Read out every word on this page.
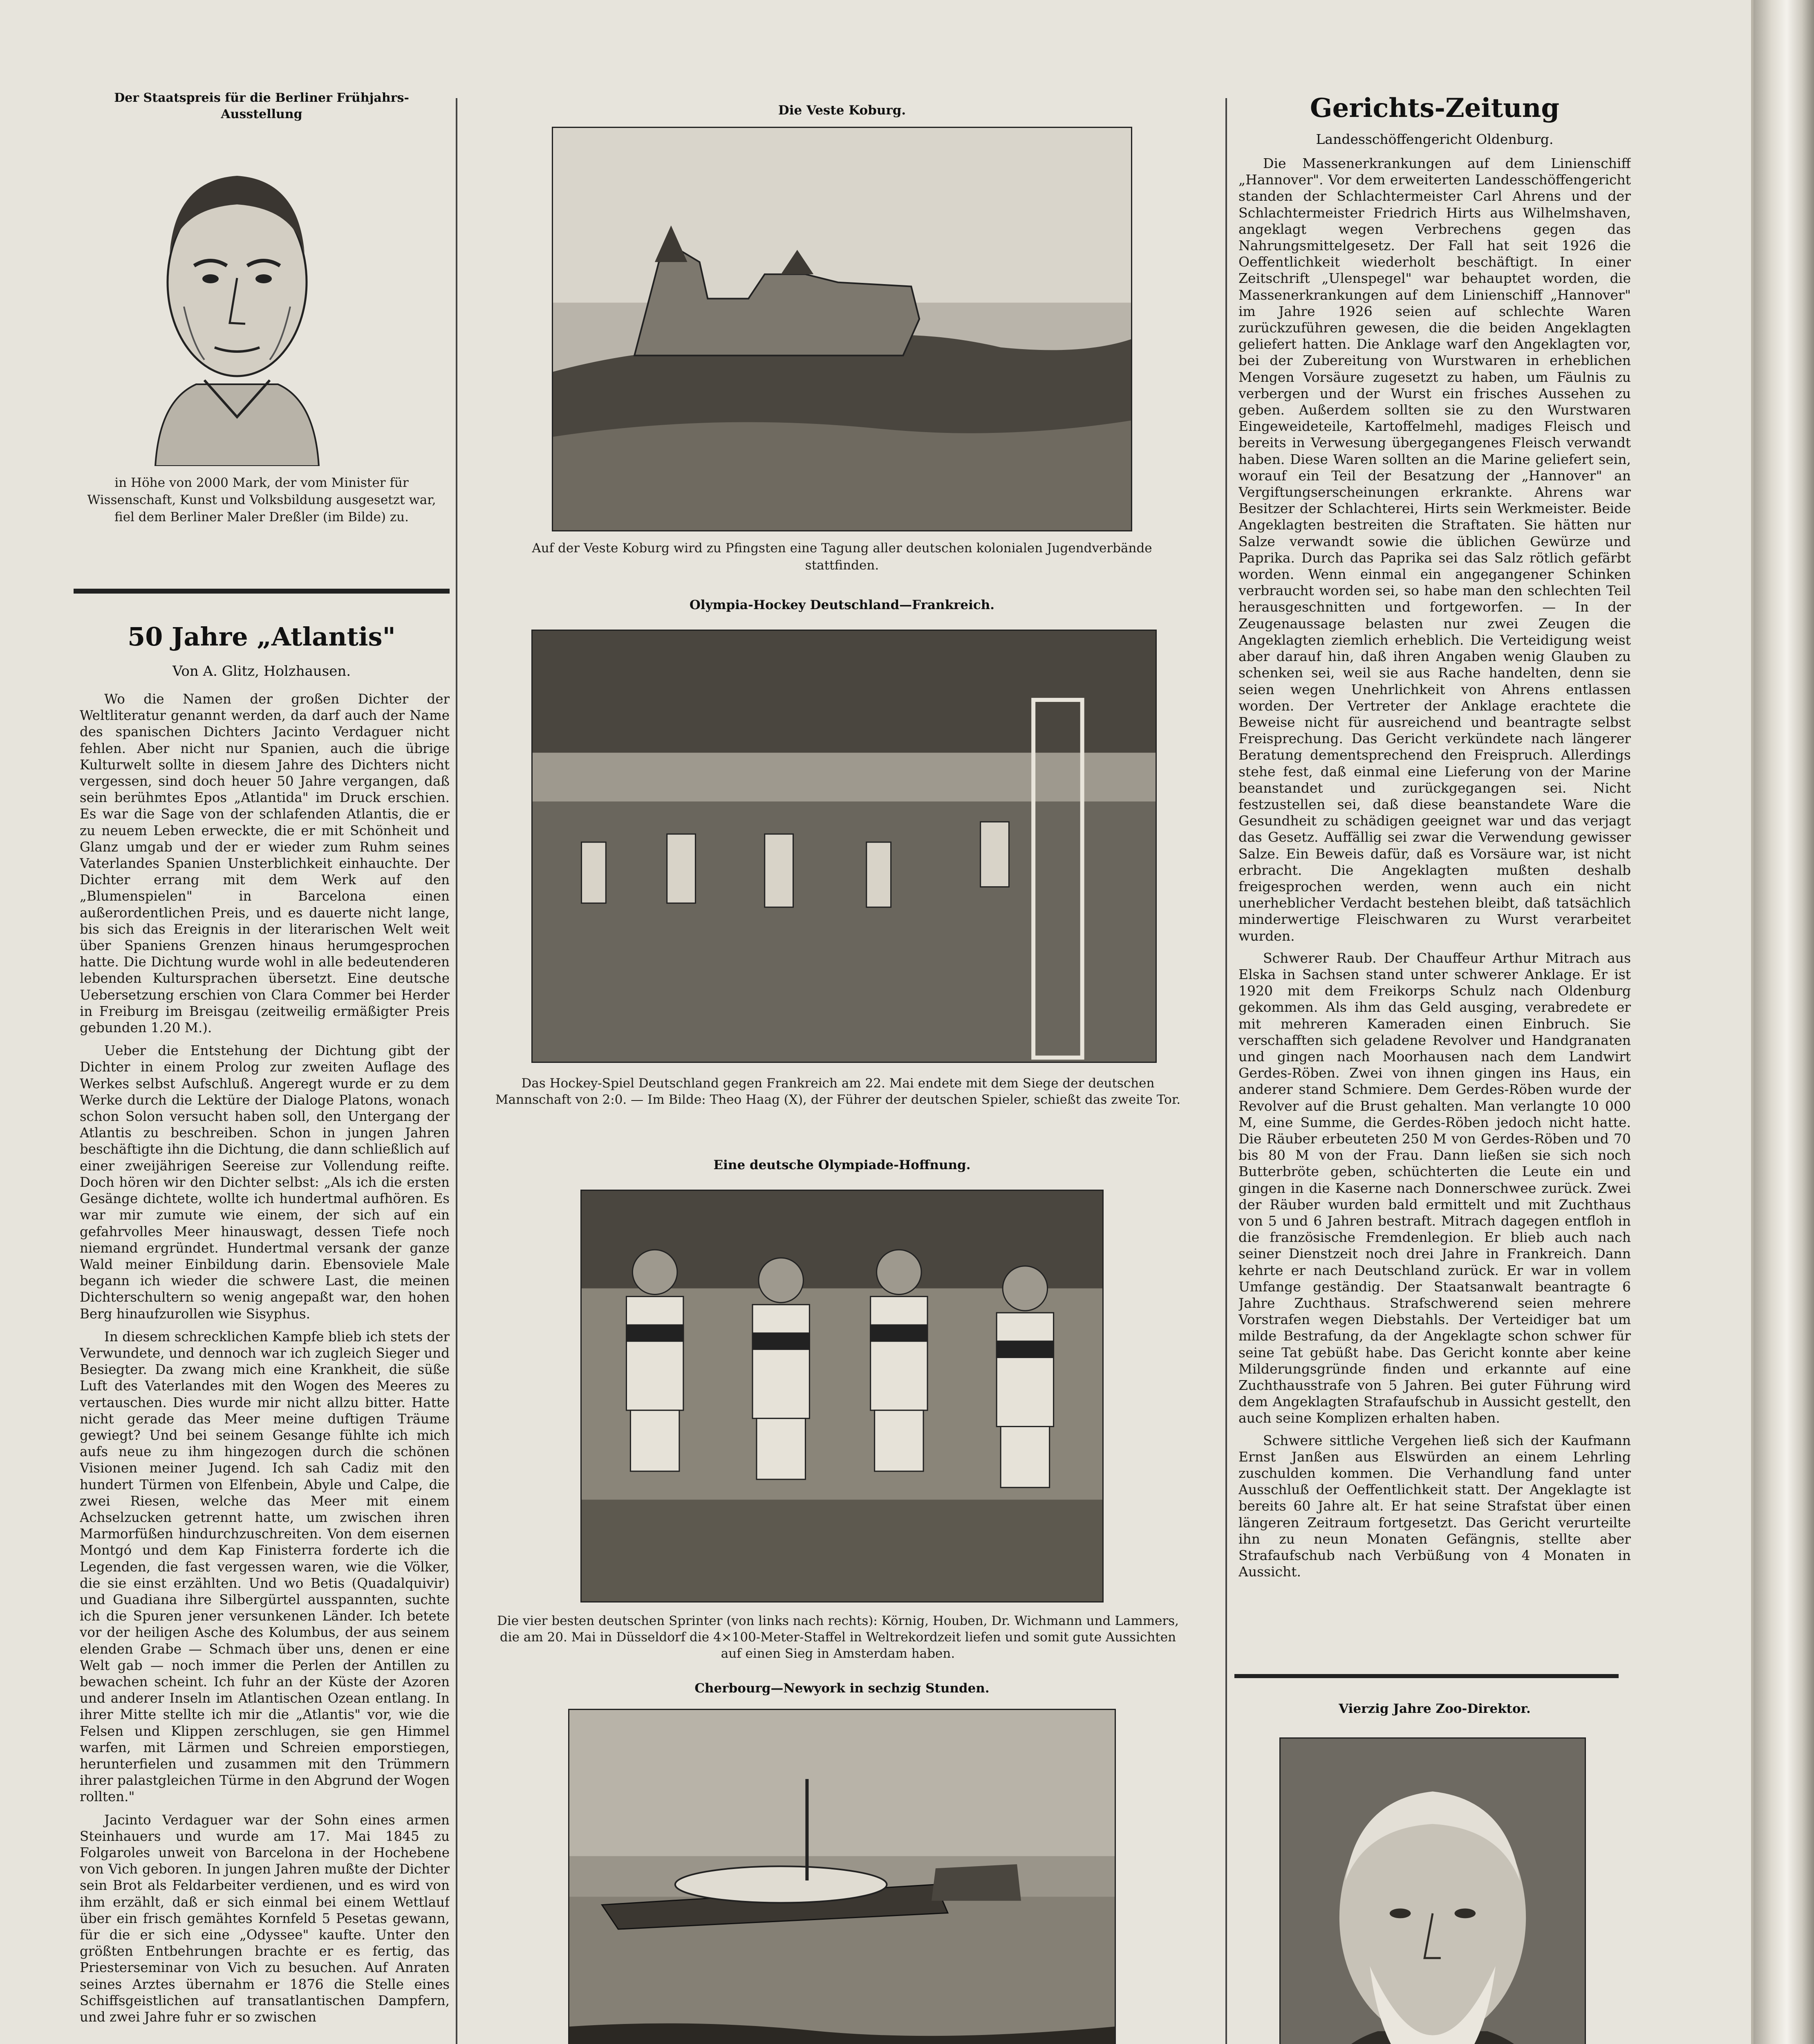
Der Staatspreis für die Berliner Frühjahrs-Ausstellung
in Höhe von 2000 Mark, der vom Minister für Wissenschaft, Kunst und Volksbildung ausgesetzt war, fiel dem Berliner Maler Dreßler (im Bilde) zu.
50 Jahre „Atlantis"
Von A. Glitz, Holzhausen.

Wo die Namen der großen Dichter der Weltliteratur genannt werden, da darf auch der Name des spanischen Dichters Jacinto Verdaguer nicht fehlen. Aber nicht nur Spanien, auch die übrige Kulturwelt sollte in diesem Jahre des Dichters nicht vergessen, sind doch heuer 50 Jahre vergangen, daß sein berühmtes Epos „Atlantida" im Druck erschien. Es war die Sage von der schlafenden Atlantis, die er zu neuem Leben erweckte, die er mit Schönheit und Glanz umgab und der er wieder zum Ruhm seines Vaterlandes Spanien Unsterblichkeit einhauchte. Der Dichter errang mit dem Werk auf den „Blumenspielen" in Barcelona einen außerordentlichen Preis, und es dauerte nicht lange, bis sich das Ereignis in der literarischen Welt weit über Spaniens Grenzen hinaus herumgesprochen hatte. Die Dichtung wurde wohl in alle bedeutenderen lebenden Kultursprachen übersetzt. Eine deutsche Uebersetzung erschien von Clara Commer bei Herder in Freiburg im Breisgau (zeitweilig ermäßigter Preis gebunden 1.20 M.).

Ueber die Entstehung der Dichtung gibt der Dichter in einem Prolog zur zweiten Auflage des Werkes selbst Aufschluß. Angeregt wurde er zu dem Werke durch die Lektüre der Dialoge Platons, wonach schon Solon versucht haben soll, den Untergang der Atlantis zu beschreiben. Schon in jungen Jahren beschäftigte ihn die Dichtung, die dann schließlich auf einer zweijährigen Seereise zur Vollendung reifte. Doch hören wir den Dichter selbst: „Als ich die ersten Gesänge dichtete, wollte ich hundertmal aufhören. Es war mir zumute wie einem, der sich auf ein gefahrvolles Meer hinauswagt, dessen Tiefe noch niemand ergründet. Hundertmal versank der ganze Wald meiner Einbildung darin. Ebensoviele Male begann ich wieder die schwere Last, die meinen Dichterschultern so wenig angepaßt war, den hohen Berg hinaufzurollen wie Sisyphus.

In diesem schrecklichen Kampfe blieb ich stets der Verwundete, und dennoch war ich zugleich Sieger und Besiegter. Da zwang mich eine Krankheit, die süße Luft des Vaterlandes mit den Wogen des Meeres zu vertauschen. Dies wurde mir nicht allzu bitter. Hatte nicht gerade das Meer meine duftigen Träume gewiegt? Und bei seinem Gesange fühlte ich mich aufs neue zu ihm hingezogen durch die schönen Visionen meiner Jugend. Ich sah Cadiz mit den hundert Türmen von Elfenbein, Abyle und Calpe, die zwei Riesen, welche das Meer mit einem Achselzucken getrennt hatte, um zwischen ihren Marmorfüßen hindurchzuschreiten. Von dem eisernen Montgó und dem Kap Finisterra forderte ich die Legenden, die fast vergessen waren, wie die Völker, die sie einst erzählten. Und wo Betis (Quadalquivir) und Guadiana ihre Silbergürtel ausspannten, suchte ich die Spuren jener versunkenen Länder. Ich betete vor der heiligen Asche des Kolumbus, der aus seinem elenden Grabe — Schmach über uns, denen er eine Welt gab — noch immer die Perlen der Antillen zu bewachen scheint. Ich fuhr an der Küste der Azoren und anderer Inseln im Atlantischen Ozean entlang. In ihrer Mitte stellte ich mir die „Atlantis" vor, wie die Felsen und Klippen zerschlugen, sie gen Himmel warfen, mit Lärmen und Schreien emporstiegen, herunterfielen und zusammen mit den Trümmern ihrer palastgleichen Türme in den Abgrund der Wogen rollten."

Jacinto Verdaguer war der Sohn eines armen Steinhauers und wurde am 17. Mai 1845 zu Folgaroles unweit von Barcelona in der Hochebene von Vich geboren. In jungen Jahren mußte der Dichter sein Brot als Feldarbeiter verdienen, und es wird von ihm erzählt, daß er sich einmal bei einem Wettlauf über ein frisch gemähtes Kornfeld 5 Pesetas gewann, für die er sich eine „Odyssee" kaufte. Unter den größten Entbehrungen brachte er es fertig, das Priesterseminar von Vich zu besuchen. Auf Anraten seines Arztes übernahm er 1876 die Stelle eines Schiffsgeistlichen auf transatlantischen Dampfern, und zwei Jahre fuhr er so zwischen

Die Veste Koburg.
Auf der Veste Koburg wird zu Pfingsten eine Tagung aller deutschen kolonialen Jugendverbände stattfinden.
Olympia-Hockey Deutschland—Frankreich.
Das Hockey-Spiel Deutschland gegen Frankreich am 22. Mai endete mit dem Siege der deutschen Mannschaft von 2:0. — Im Bilde: Theo Haag (X), der Führer der deutschen Spieler, schießt das zweite Tor.
Eine deutsche Olympiade-Hoffnung.
Die vier besten deutschen Sprinter (von links nach rechts): Körnig, Houben, Dr. Wichmann und Lammers, die am 20. Mai in Düsseldorf die 4×100-Meter-Staffel in Weltrekordzeit liefen und somit gute Aussichten auf einen Sieg in Amsterdam haben.
Cherbourg—Newyork in sechzig Stunden.
Gerichts-Zeitung
Landesschöffengericht Oldenburg.

Die Massenerkrankungen auf dem Linienschiff „Hannover". Vor dem erweiterten Landesschöffengericht standen der Schlachtermeister Carl Ahrens und der Schlachtermeister Friedrich Hirts aus Wilhelmshaven, angeklagt wegen Verbrechens gegen das Nahrungsmittelgesetz. Der Fall hat seit 1926 die Oeffentlichkeit wiederholt beschäftigt. In einer Zeitschrift „Ulenspegel" war behauptet worden, die Massenerkrankungen auf dem Linienschiff „Hannover" im Jahre 1926 seien auf schlechte Waren zurückzuführen gewesen, die die beiden Angeklagten geliefert hatten. Die Anklage warf den Angeklagten vor, bei der Zubereitung von Wurstwaren in erheblichen Mengen Vorsäure zugesetzt zu haben, um Fäulnis zu verbergen und der Wurst ein frisches Aussehen zu geben. Außerdem sollten sie zu den Wurstwaren Eingeweideteile, Kartoffelmehl, madiges Fleisch und bereits in Verwesung übergegangenes Fleisch verwandt haben. Diese Waren sollten an die Marine geliefert sein, worauf ein Teil der Besatzung der „Hannover" an Vergiftungserscheinungen erkrankte. Ahrens war Besitzer der Schlachterei, Hirts sein Werkmeister. Beide Angeklagten bestreiten die Straftaten. Sie hätten nur Salze verwandt sowie die üblichen Gewürze und Paprika. Durch das Paprika sei das Salz rötlich gefärbt worden. Wenn einmal ein angegangener Schinken verbraucht worden sei, so habe man den schlechten Teil herausgeschnitten und fortgeworfen. — In der Zeugenaussage belasten nur zwei Zeugen die Angeklagten ziemlich erheblich. Die Verteidigung weist aber darauf hin, daß ihren Angaben wenig Glauben zu schenken sei, weil sie aus Rache handelten, denn sie seien wegen Unehrlichkeit von Ahrens entlassen worden. Der Vertreter der Anklage erachtete die Beweise nicht für ausreichend und beantragte selbst Freisprechung. Das Gericht verkündete nach längerer Beratung dementsprechend den Freispruch. Allerdings stehe fest, daß einmal eine Lieferung von der Marine beanstandet und zurückgegangen sei. Nicht festzustellen sei, daß diese beanstandete Ware die Gesundheit zu schädigen geeignet war und das verjagt das Gesetz. Auffällig sei zwar die Verwendung gewisser Salze. Ein Beweis dafür, daß es Vorsäure war, ist nicht erbracht. Die Angeklagten mußten deshalb freigesprochen werden, wenn auch ein nicht unerheblicher Verdacht bestehen bleibt, daß tatsächlich minderwertige Fleischwaren zu Wurst verarbeitet wurden.

Schwerer Raub. Der Chauffeur Arthur Mitrach aus Elska in Sachsen stand unter schwerer Anklage. Er ist 1920 mit dem Freikorps Schulz nach Oldenburg gekommen. Als ihm das Geld ausging, verabredete er mit mehreren Kameraden einen Einbruch. Sie verschafften sich geladene Revolver und Handgranaten und gingen nach Moorhausen nach dem Landwirt Gerdes-Röben. Zwei von ihnen gingen ins Haus, ein anderer stand Schmiere. Dem Gerdes-Röben wurde der Revolver auf die Brust gehalten. Man verlangte 10 000 M, eine Summe, die Gerdes-Röben jedoch nicht hatte. Die Räuber erbeuteten 250 M von Gerdes-Röben und 70 bis 80 M von der Frau. Dann ließen sie sich noch Butterbröte geben, schüchterten die Leute ein und gingen in die Kaserne nach Donnerschwee zurück. Zwei der Räuber wurden bald ermittelt und mit Zuchthaus von 5 und 6 Jahren bestraft. Mitrach dagegen entfloh in die französische Fremdenlegion. Er blieb auch nach seiner Dienstzeit noch drei Jahre in Frankreich. Dann kehrte er nach Deutschland zurück. Er war in vollem Umfange geständig. Der Staatsanwalt beantragte 6 Jahre Zuchthaus. Strafschwerend seien mehrere Vorstrafen wegen Diebstahls. Der Verteidiger bat um milde Bestrafung, da der Angeklagte schon schwer für seine Tat gebüßt habe. Das Gericht konnte aber keine Milderungsgründe finden und erkannte auf eine Zuchthausstrafe von 5 Jahren. Bei guter Führung wird dem Angeklagten Strafaufschub in Aussicht gestellt, den auch seine Komplizen erhalten haben.

Schwere sittliche Vergehen ließ sich der Kaufmann Ernst Janßen aus Elswürden an einem Lehrling zuschulden kommen. Die Verhandlung fand unter Ausschluß der Oeffentlichkeit statt. Der Angeklagte ist bereits 60 Jahre alt. Er hat seine Strafstat über einen längeren Zeitraum fortgesetzt. Das Gericht verurteilte ihn zu neun Monaten Gefängnis, stellte aber Strafaufschub nach Verbüßung von 4 Monaten in Aussicht.

Vierzig Jahre Zoo-Direktor.
